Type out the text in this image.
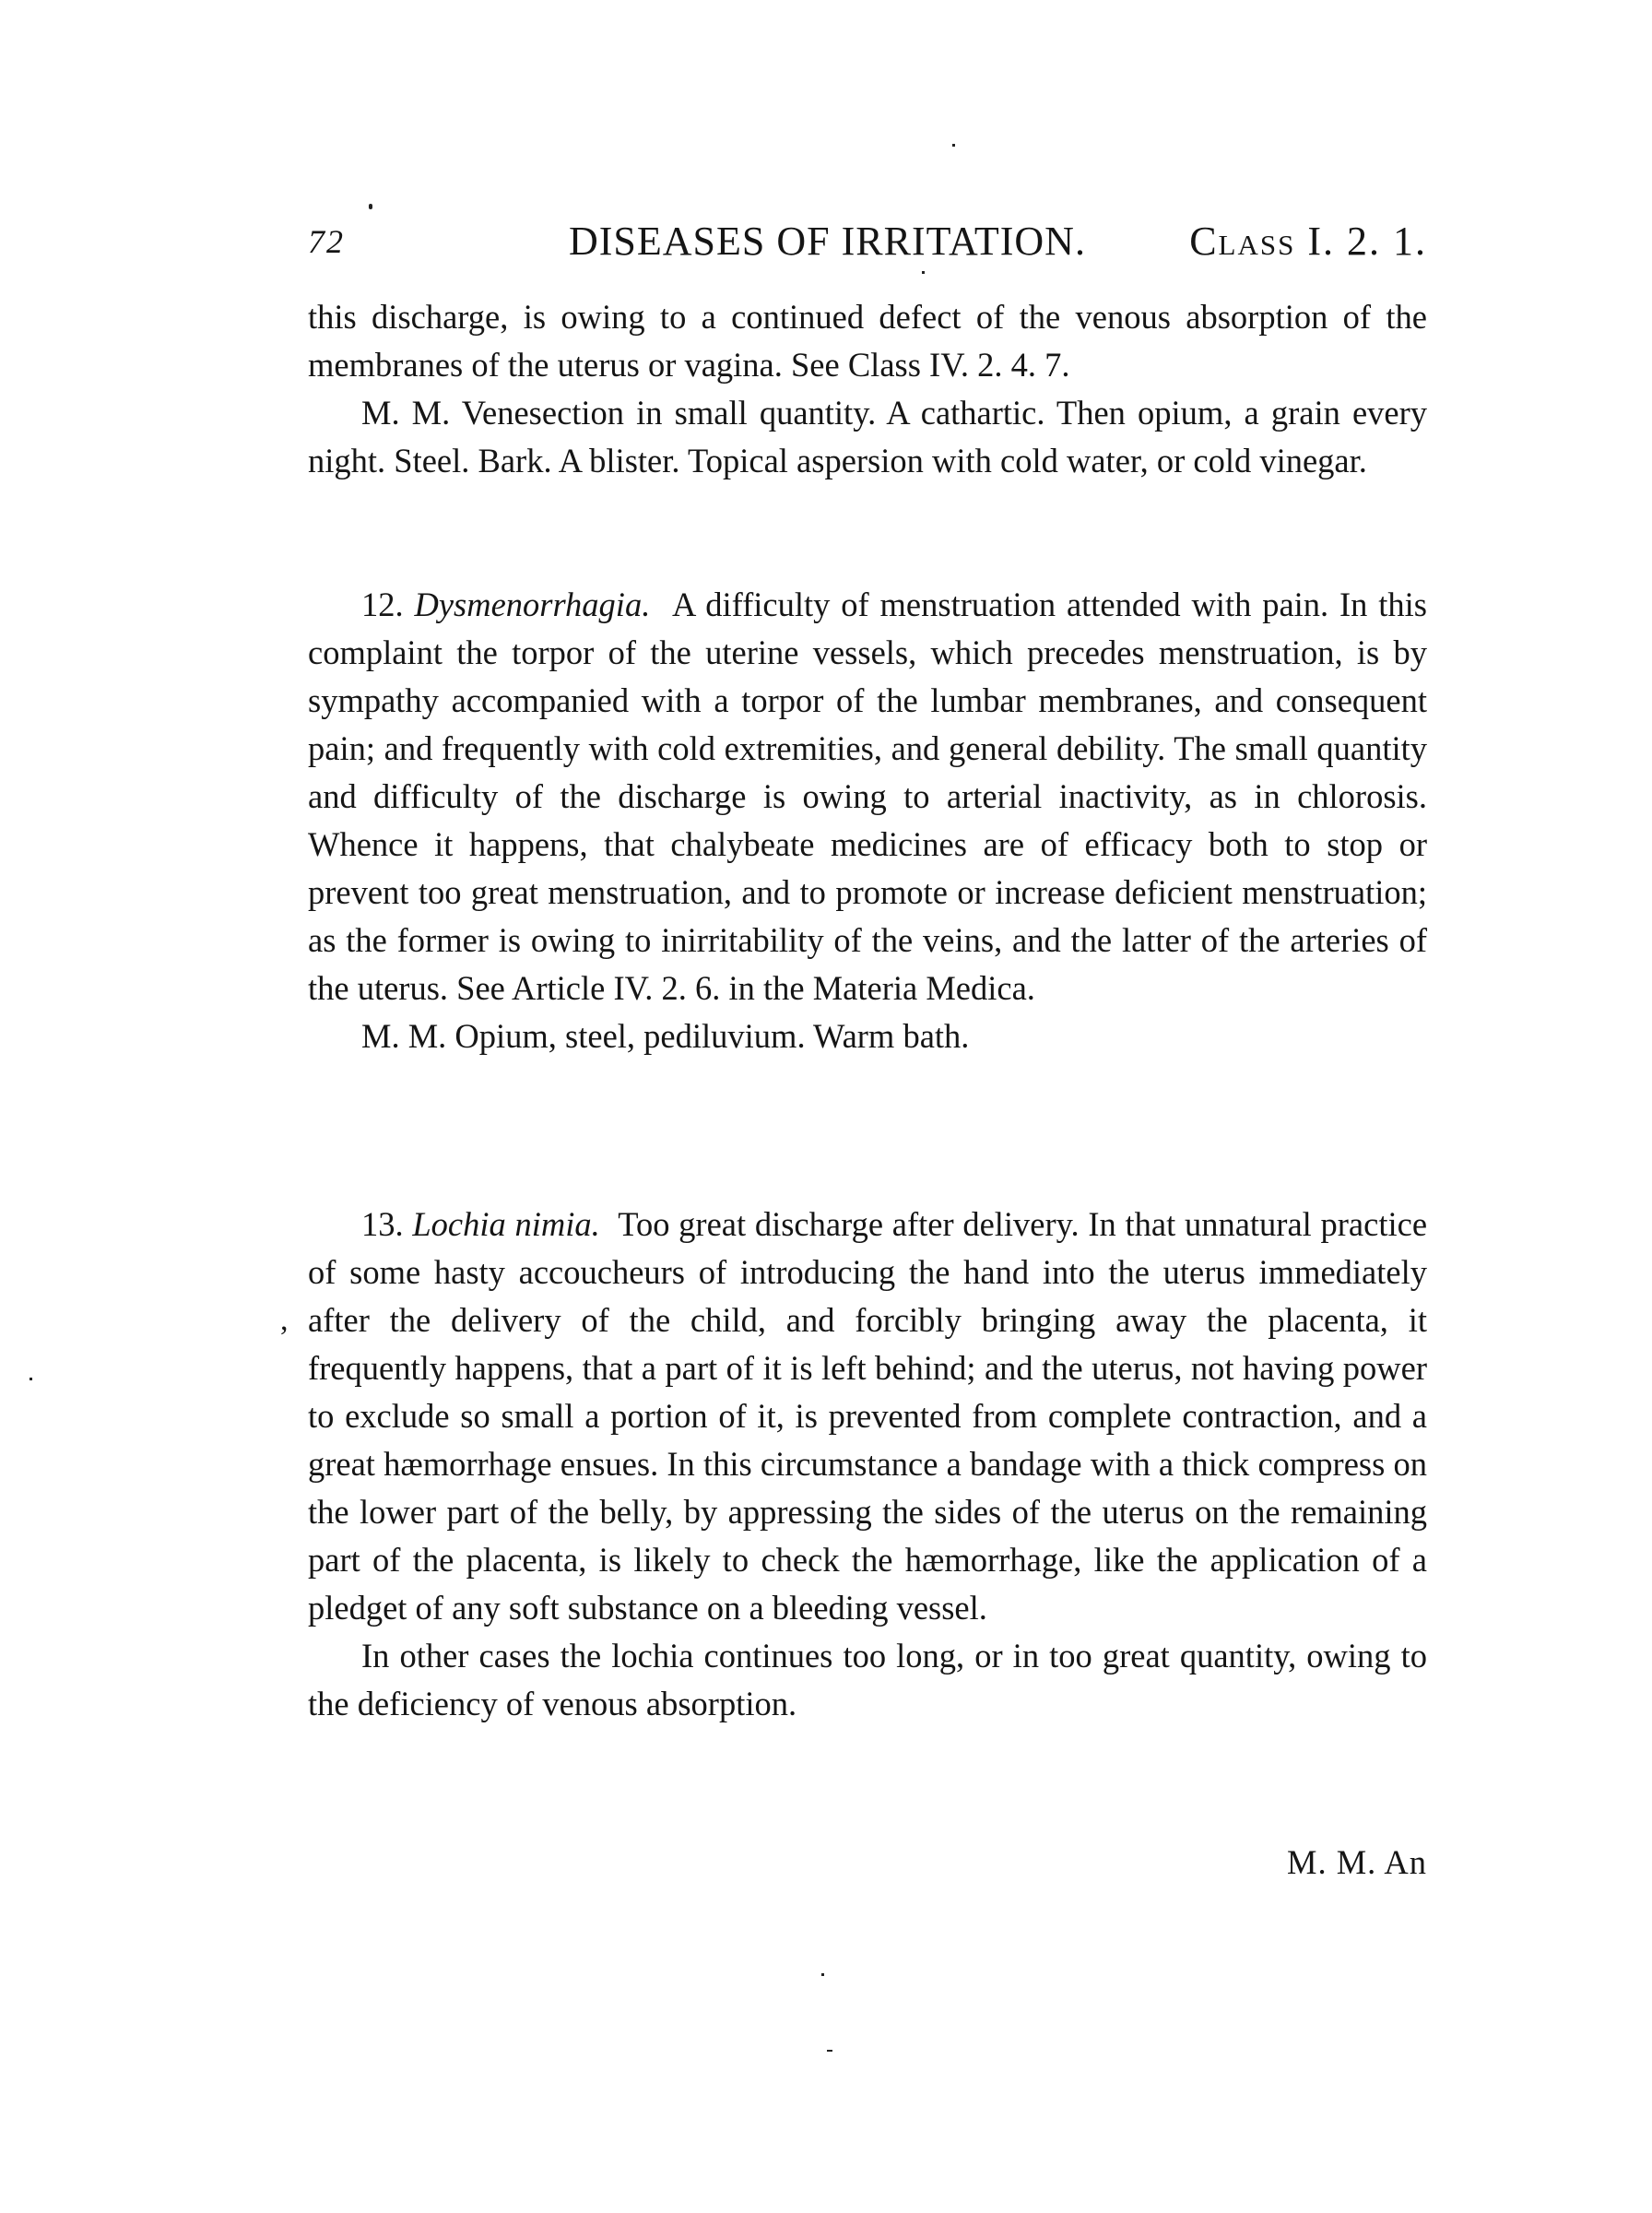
72	DISEASES OF IRRITATION.	Class I. 2. 1.

this discharge, is owing to a continued defect of the venous absorption of the membranes of the uterus or vagina. See Class IV. 2. 4. 7.

M. M. Venesection in small quantity. A cathartic. Then opium, a grain every night. Steel. Bark. A blister. Topical aspersion with cold water, or cold vinegar.

12. Dysmenorrhagia. A difficulty of menstruation attended with pain. In this complaint the torpor of the uterine vessels, which precedes menstruation, is by sympathy accompanied with a torpor of the lumbar membranes, and consequent pain; and frequently with cold extremities, and general debility. The small quantity and difficulty of the discharge is owing to arterial inactivity, as in chlorosis. Whence it happens, that chalybeate medicines are of efficacy both to stop or prevent too great menstruation, and to promote or increase deficient menstruation; as the former is owing to inirritability of the veins, and the latter of the arteries of the uterus. See Article IV. 2. 6. in the Materia Medica.

M. M. Opium, steel, pediluvium. Warm bath.

13. Lochia nimia. Too great discharge after delivery. In that unnatural practice of some hasty accoucheurs of introducing the hand into the uterus immediately after the delivery of the child, and forcibly bringing away the placenta, it frequently happens, that a part of it is left behind; and the uterus, not having power to exclude so small a portion of it, is prevented from complete contraction, and a great hæmorrhage ensues. In this circumstance a bandage with a thick compress on the lower part of the belly, by appressing the sides of the uterus on the remaining part of the placenta, is likely to check the hæmorrhage, like the application of a pledget of any soft substance on a bleeding vessel.

In other cases the lochia continues too long, or in too great quantity, owing to the deficiency of venous absorption.

,
M. M. An
